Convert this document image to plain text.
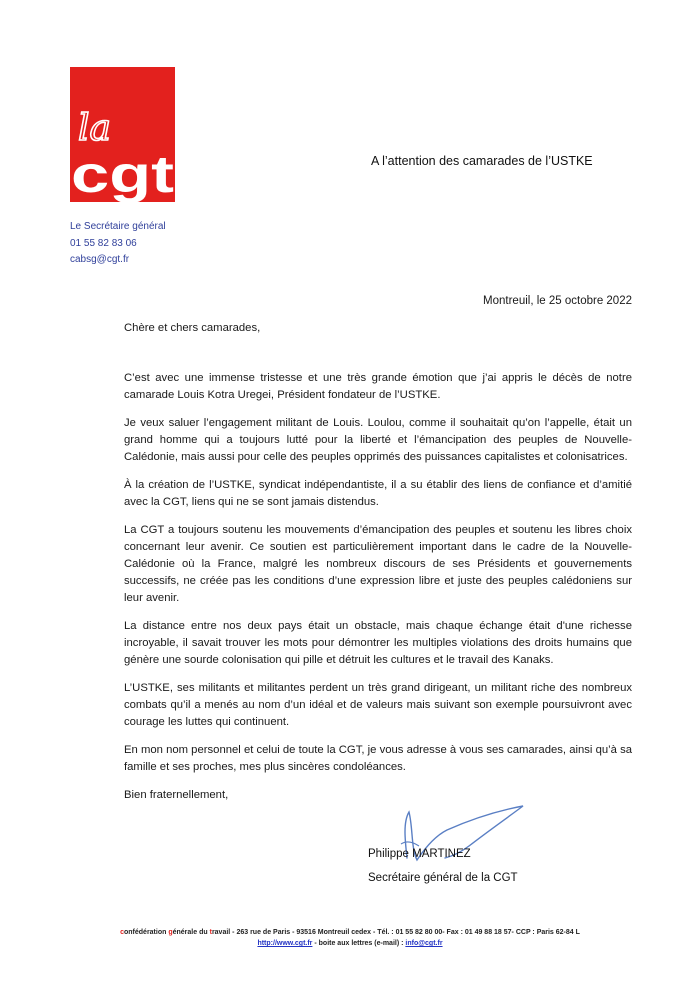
la
cgt	A l’attention des camarades de l’USTKE
Le Secrétaire général
01 55 82 83 06
cabsg@cgt.fr
Montreuil, le 25 octobre 2022

Chère et chers camarades,

C’est avec une immense tristesse et une très grande émotion que j’ai appris le décès de notre camarade Louis Kotra Uregei, Président fondateur de l’USTKE.

Je veux saluer l’engagement militant de Louis. Loulou, comme il souhaitait qu’on l’appelle, était un grand homme qui a toujours lutté pour la liberté et l’émancipation des peuples de Nouvelle-Calédonie, mais aussi pour celle des peuples opprimés des puissances capitalistes et colonisatrices.

À la création de l’USTKE, syndicat indépendantiste, il a su établir des liens de confiance et d’amitié avec la CGT, liens qui ne se sont jamais distendus.

La CGT a toujours soutenu les mouvements d’émancipation des peuples et soutenu les libres choix concernant leur avenir. Ce soutien est particulièrement important dans le cadre de la Nouvelle-Calédonie où la France, malgré les nombreux discours de ses Présidents et gouvernements successifs, ne créée pas les conditions d’une expression libre et juste des peuples calédoniens sur leur avenir.

La distance entre nos deux pays était un obstacle, mais chaque échange était d'une richesse incroyable, il savait trouver les mots pour démontrer les multiples violations des droits humains que génère une sourde colonisation qui pille et détruit les cultures et le travail des Kanaks.

L’USTKE, ses militants et militantes perdent un très grand dirigeant, un militant riche des nombreux combats qu’il a menés au nom d’un idéal et de valeurs mais suivant son exemple poursuivront avec courage les luttes qui continuent.

En mon nom personnel et celui de toute la CGT, je vous adresse à vous ses camarades, ainsi qu’à sa famille et ses proches, mes plus sincères condoléances.

Bien fraternellement,

Philippe MARTINEZ
Secrétaire général de la CGT
confédération générale du travail - 263 rue de Paris - 93516 Montreuil cedex - Tél. : 01 55 82 80 00- Fax : 01 49 88 18 57- CCP : Paris 62-84 L
http://www.cgt.fr - boite aux lettres (e-mail) : info@cgt.fr
